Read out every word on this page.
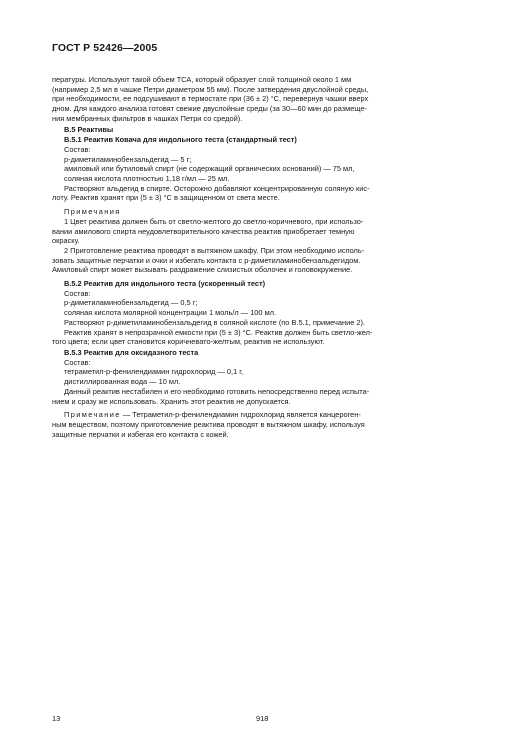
ГОСТ Р 52426—2005

пературы. Используют такой объем ТСА, который образует слой толщиной около 1 мм

(например 2,5 мл в чашке Петри диаметром 55 мм). После затвердения двуслойной среды,

при необходимости, ее подсушивают в термостате при (36 ± 2) °C, перевернув чашки вверх

дном. Для каждого анализа готовят свежие двуслойные среды (за 30—60 мин до размеще-

ния мембранных фильтров в чашках Петри со средой).

В.5 Реактивы

В.5.1 Реактив Ковача для индольного теста (стандартный тест)

Состав:

р-диметиламинобензальдегид — 5 г;

амиловый или бутиловый спирт (не содержащий органических оснований) — 75 мл,

соляная кислота плотностью 1,18 г/мл — 25 мл.

Растворяют альдегид в спирте. Осторожно добавляют концентрированную соляную кис-

лоту. Реактив хранят при (5 ± 3) °С в защищенном от света месте.

Примечания

1 Цвет реактива должен быть от светло-желтого до светло-коричневого, при использо-

вании амилового спирта неудовлетворительного качества реактив приобретает темную

окраску.

2 Приготовление реактива проводят в вытяжном шкафу. При этом необходимо исполь-

зовать защитные перчатки и очки и избегать контакта с р-диметиламинобензальдегидом.

Амиловый спирт может вызывать раздражение слизистых оболочек и головокружение.

В.5.2 Реактив для индольного теста (ускоренный тест)

Состав:

р-диметиламинобензальдегид — 0,5 г;

соляная кислота молярной концентрации 1 моль/л — 100 мл.

Растворяют р-диметиламинобензальдегид в соляной кислоте (по В.5.1, примечание 2).

Реактив хранят в непрозрачной емкости при (5 ± 3) °С. Реактив должен быть светло-жел-

того цвета; если цвет становится коричневато-желтым, реактив не используют.

В.5.3 Реактив для оксидазного теста

Состав:

тетраметил-р-фенилендиамин гидрохлорид — 0,1 г,

дистиллированная вода — 10 мл.

Данный реактив нестабилен и его необходимо готовить непосредственно перед испыта-

нием и сразу же использовать. Хранить этот реактив не допускается.

Примечание — Тетраметил-р-фенилендиамин гидрохлорид является канцероген-

ным веществом, поэтому приготовление реактива проводят в вытяжном шкафу, используя

защитные перчатки и избегая его контакта с кожей.

13	918
